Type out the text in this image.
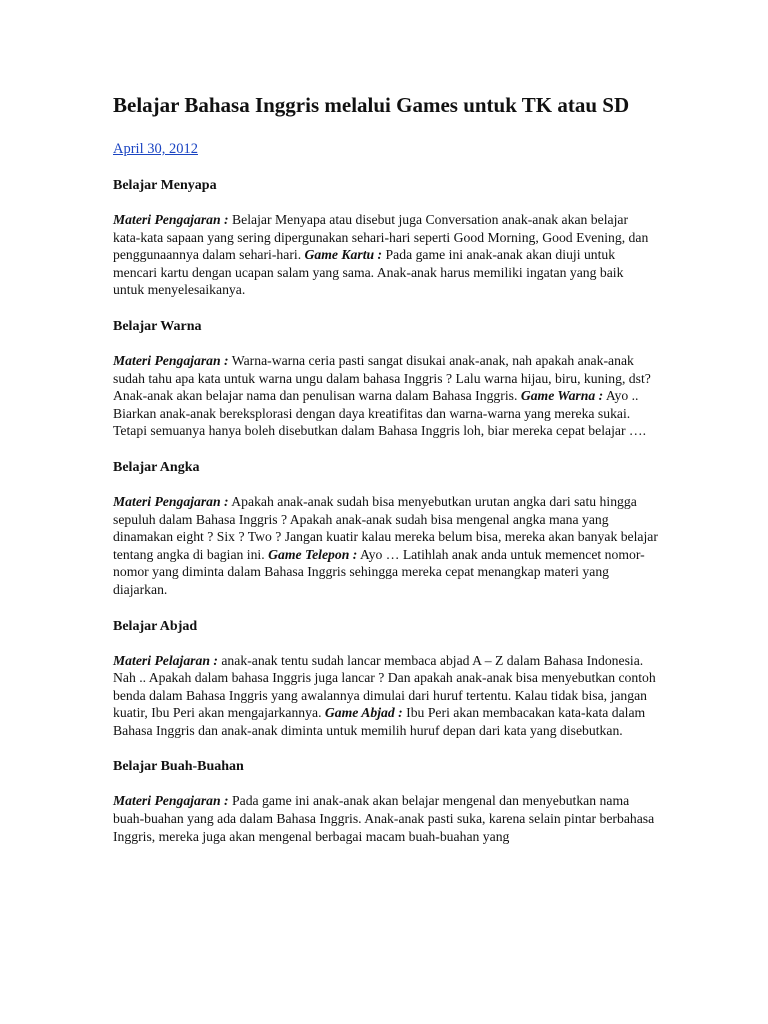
Belajar Bahasa Inggris melalui Games untuk TK atau SD
April 30, 2012

Belajar Menyapa

Materi Pengajaran : Belajar Menyapa atau disebut juga Conversation anak-anak akan belajar kata-kata sapaan yang sering dipergunakan sehari-hari seperti Good Morning, Good Evening, dan penggunaannya dalam sehari-hari. Game Kartu : Pada game ini anak-anak akan diuji untuk mencari kartu dengan ucapan salam yang sama. Anak-anak harus memiliki ingatan yang baik untuk menyelesaikanya.

Belajar Warna

Materi Pengajaran : Warna-warna ceria pasti sangat disukai anak-anak, nah apakah anak-anak sudah tahu apa kata untuk warna ungu dalam bahasa Inggris ? Lalu warna hijau, biru, kuning, dst? Anak-anak akan belajar nama dan penulisan warna dalam Bahasa Inggris. Game Warna : Ayo .. Biarkan anak-anak bereksplorasi dengan daya kreatifitas dan warna-warna yang mereka sukai. Tetapi semuanya hanya boleh disebutkan dalam Bahasa Inggris loh, biar mereka cepat belajar ….

Belajar Angka

Materi Pengajaran : Apakah anak-anak sudah bisa menyebutkan urutan angka dari satu hingga sepuluh dalam Bahasa Inggris ? Apakah anak-anak sudah bisa mengenal angka mana yang dinamakan eight ? Six ? Two ? Jangan kuatir kalau mereka belum bisa, mereka akan banyak belajar tentang angka di bagian ini. Game Telepon : Ayo … Latihlah anak anda untuk memencet nomor-nomor yang diminta dalam Bahasa Inggris sehingga mereka cepat menangkap materi yang diajarkan.

Belajar Abjad

Materi Pelajaran : anak-anak tentu sudah lancar membaca abjad A – Z dalam Bahasa Indonesia. Nah .. Apakah dalam bahasa Inggris juga lancar ? Dan apakah anak-anak bisa menyebutkan contoh benda dalam Bahasa Inggris yang awalannya dimulai dari huruf tertentu. Kalau tidak bisa, jangan kuatir, Ibu Peri akan mengajarkannya. Game Abjad : Ibu Peri akan membacakan kata-kata dalam Bahasa Inggris dan anak-anak diminta untuk memilih huruf depan dari kata yang disebutkan.

Belajar Buah-Buahan

Materi Pengajaran : Pada game ini anak-anak akan belajar mengenal dan menyebutkan nama buah-buahan yang ada dalam Bahasa Inggris. Anak-anak pasti suka, karena selain pintar berbahasa Inggris, mereka juga akan mengenal berbagai macam buah-buahan yang
